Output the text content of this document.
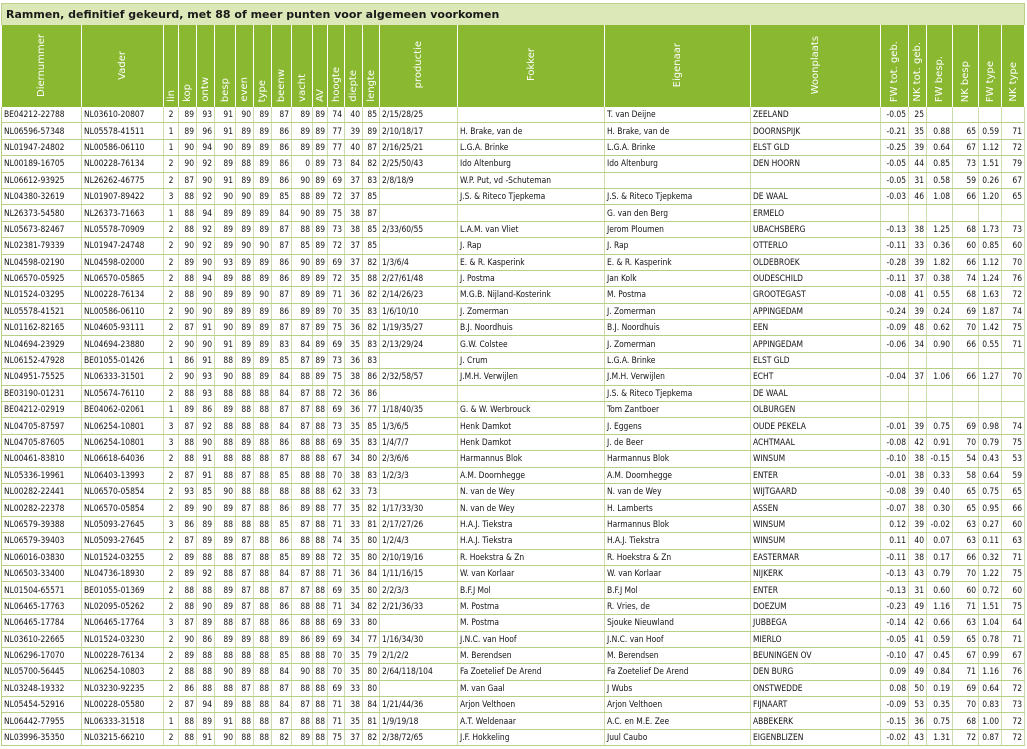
Rammen, definitief gekeurd, met 88 of meer punten voor algemeen voorkomen
Diernummer	Vader	lin	kop	ontw	besp	even	type	beenw	vacht	AV	hoogte	diepte	lengte	productie	Fokker	Eigenaar	Woonplaats	FW tot. geb.	NK tot. geb.	FW besp.	NK besp	FW type	NK type
BE04212-22788	NL03610-20807	2	89	93	91	90	89	87	89	89	74	40	85	2/15/28/25		T. van Deijne	ZEELAND	-0.05	25				
NL06596-57348	NL05578-41511	1	89	96	91	89	89	86	89	89	77	39	89	2/10/18/17	H. Brake, van de	H. Brake, van de	DOORNSPIJK	-0.21	35	0.88	65	0.59	71
NL01947-24802	NL00586-06110	1	90	94	90	89	89	86	89	89	77	40	87	2/16/25/21	L.G.A. Brinke	L.G.A. Brinke	ELST GLD	-0.25	39	0.64	67	1.12	72
NL00189-16705	NL00228-76134	2	90	92	89	88	89	86	0	89	73	84	82	2/25/50/43	Ido Altenburg	Ido Altenburg	DEN HOORN	-0.05	44	0.85	73	1.51	79
NL06612-93925	NL26262-46775	2	87	90	91	89	89	86	90	89	69	37	83	2/8/18/9	W.P. Put, vd -Schuteman			-0.05	31	0.58	59	0.26	67
NL04380-32619	NL01907-89422	3	88	92	90	90	89	85	88	89	72	37	85		J.S. & Riteco Tjepkema	J.S. & Riteco Tjepkema	DE WAAL	-0.03	46	1.08	66	1.20	65
NL26373-54580	NL26373-71663	1	88	94	89	89	89	84	90	89	75	38	87			G. van den Berg	ERMELO						
NL05673-82467	NL05578-70909	2	88	92	89	89	89	87	88	89	73	38	85	2/33/60/55	L.A.M. van Vliet	Jerom Ploumen	UBACHSBERG	-0.13	38	1.25	68	1.73	73
NL02381-79339	NL01947-24748	2	90	92	89	90	90	87	85	89	72	37	85		J. Rap	J. Rap	OTTERLO	-0.11	33	0.36	60	0.85	60
NL04598-02190	NL04598-02000	2	89	90	93	89	89	86	90	89	69	37	82	1/3/6/4	E. & R. Kasperink	E. & R. Kasperink	OLDEBROEK	-0.28	39	1.82	66	1.12	70
NL06570-05925	NL06570-05865	2	88	94	89	88	89	86	89	89	72	35	88	2/27/61/48	J. Postma	Jan Kolk	OUDESCHILD	-0.11	37	0.38	74	1.24	76
NL01524-03295	NL00228-76134	2	88	90	89	89	90	87	89	89	71	36	82	2/14/26/23	M.G.B. Nijland-Kosterink	M. Postma	GROOTEGAST	-0.08	41	0.55	68	1.63	72
NL05578-41521	NL00586-06110	2	90	90	89	89	89	86	89	89	70	35	83	1/6/10/10	J. Zomerman	J. Zomerman	APPINGEDAM	-0.24	39	0.24	69	1.87	74
NL01162-82165	NL04605-93111	2	87	91	90	89	89	87	87	89	75	36	82	1/19/35/27	B.J. Noordhuis	B.J. Noordhuis	EEN	-0.09	48	0.62	70	1.42	75
NL04694-23929	NL04694-23880	2	90	90	91	89	89	83	84	89	69	35	83	2/13/29/24	G.W. Colstee	J. Zomerman	APPINGEDAM	-0.06	34	0.90	66	0.55	71
NL06152-47928	BE01055-01426	1	86	91	88	89	89	85	87	89	73	36	83		J. Crum	L.G.A. Brinke	ELST GLD						
NL04951-75525	NL06333-31501	2	90	93	90	88	89	84	88	89	75	38	86	2/32/58/57	J.M.H. Verwijlen	J.M.H. Verwijlen	ECHT	-0.04	37	1.06	66	1.27	70
BE03190-01231	NL05674-76110	2	88	93	88	88	88	84	87	88	72	36	86			J.S. & Riteco Tjepkema	DE WAAL						
BE04212-02919	BE04062-02061	1	89	86	89	88	88	87	87	88	69	36	77	1/18/40/35	G. & W. Werbrouck	Tom Zantboer	OLBURGEN						
NL04705-87597	NL06254-10801	3	87	92	88	88	88	84	87	88	73	35	85	1/3/6/5	Henk Damkot	J. Eggens	OUDE PEKELA	-0.01	39	0.75	69	0.98	74
NL04705-87605	NL06254-10801	3	88	90	88	89	88	86	88	88	69	35	83	1/4/7/7	Henk Damkot	J. de Beer	ACHTMAAL	-0.08	42	0.91	70	0.79	75
NL00461-83810	NL06618-64036	2	88	91	88	88	88	87	88	88	67	34	80	2/3/6/6	Harmannus Blok	Harmannus Blok	WINSUM	-0.10	38	-0.15	54	0.43	53
NL05336-19961	NL06403-13993	2	87	91	88	87	88	85	88	88	70	38	83	1/2/3/3	A.M. Doornhegge	A.M. Doornhegge	ENTER	-0.01	38	0.33	58	0.64	59
NL00282-22441	NL06570-05854	2	93	85	90	88	88	88	88	88	62	33	73		N. van de Wey	N. van de Wey	WIJTGAARD	-0.08	39	0.40	65	0.75	65
NL00282-22378	NL06570-05854	2	89	90	89	87	88	86	89	88	77	35	82	1/17/33/30	N. van de Wey	H. Lamberts	ASSEN	-0.07	38	0.30	65	0.95	66
NL06579-39388	NL05093-27645	3	86	89	88	88	88	85	87	88	71	33	81	2/17/27/26	H.A.J. Tiekstra	Harmannus Blok	WINSUM	0.12	39	-0.02	63	0.27	60
NL06579-39403	NL05093-27645	2	87	89	89	87	88	86	88	88	74	35	80	1/2/4/3	H.A.J. Tiekstra	H.A.J. Tiekstra	WINSUM	0.11	40	0.07	63	0.11	63
NL06016-03830	NL01524-03255	2	89	88	88	87	88	85	89	88	72	35	80	2/10/19/16	R. Hoekstra & Zn	R. Hoekstra & Zn	EASTERMAR	-0.11	38	0.17	66	0.32	71
NL06503-33400	NL04736-18930	2	89	92	88	87	88	84	87	88	71	36	84	1/11/16/15	W. van Korlaar	W. van Korlaar	NIJKERK	-0.13	43	0.79	70	1.22	75
NL01504-65571	BE01055-01369	2	88	88	89	87	88	87	87	88	69	35	80	2/2/3/3	B.F.J Mol	B.F.J Mol	ENTER	-0.13	31	0.60	60	0.72	60
NL06465-17763	NL02095-05262	2	88	90	89	87	88	86	88	88	71	34	82	2/21/36/33	M. Postma	R. Vries, de	DOEZUM	-0.23	49	1.16	71	1.51	75
NL06465-17784	NL06465-17764	3	87	89	88	87	88	86	88	88	69	33	80		M. Postma	Sjouke Nieuwland	JUBBEGA	-0.14	42	0.66	63	1.04	64
NL03610-22665	NL01524-03230	2	90	86	89	89	88	89	86	89	69	34	77	1/16/34/30	J.N.C. van Hoof	J.N.C. van Hoof	MIERLO	-0.05	41	0.59	65	0.78	71
NL06296-17070	NL00228-76134	2	89	88	88	88	88	85	88	88	70	35	79	2/1/2/2	M. Berendsen	M. Berendsen	BEUNINGEN OV	-0.10	47	0.45	67	0.99	67
NL05700-56445	NL06254-10803	2	88	88	90	89	88	84	90	88	70	35	80	2/64/118/104	Fa Zoetelief De Arend	Fa Zoetelief De Arend	DEN BURG	0.09	49	0.84	71	1.16	76
NL03248-19332	NL03230-92235	2	86	88	88	87	88	87	88	88	69	33	80		M. van Gaal	J Wubs	ONSTWEDDE	0.08	50	0.19	69	0.64	72
NL05454-52916	NL00228-05580	2	87	94	89	88	88	84	87	88	71	38	84	1/21/44/36	Arjon Velthoen	Arjon Velthoen	FIJNAART	-0.09	53	0.35	70	0.83	73
NL06442-77955	NL06333-31518	1	88	89	91	88	88	87	88	88	71	35	81	1/9/19/18	A.T. Weldenaar	A.C. en M.E. Zee	ABBEKERK	-0.15	36	0.75	68	1.00	72
NL03996-35350	NL03215-66210	2	88	91	90	88	88	82	89	88	75	37	82	2/38/72/65	J.F. Hokkeling	Juul Caubo	EIGENBLIZEN	-0.02	43	1.31	72	0.87	72
